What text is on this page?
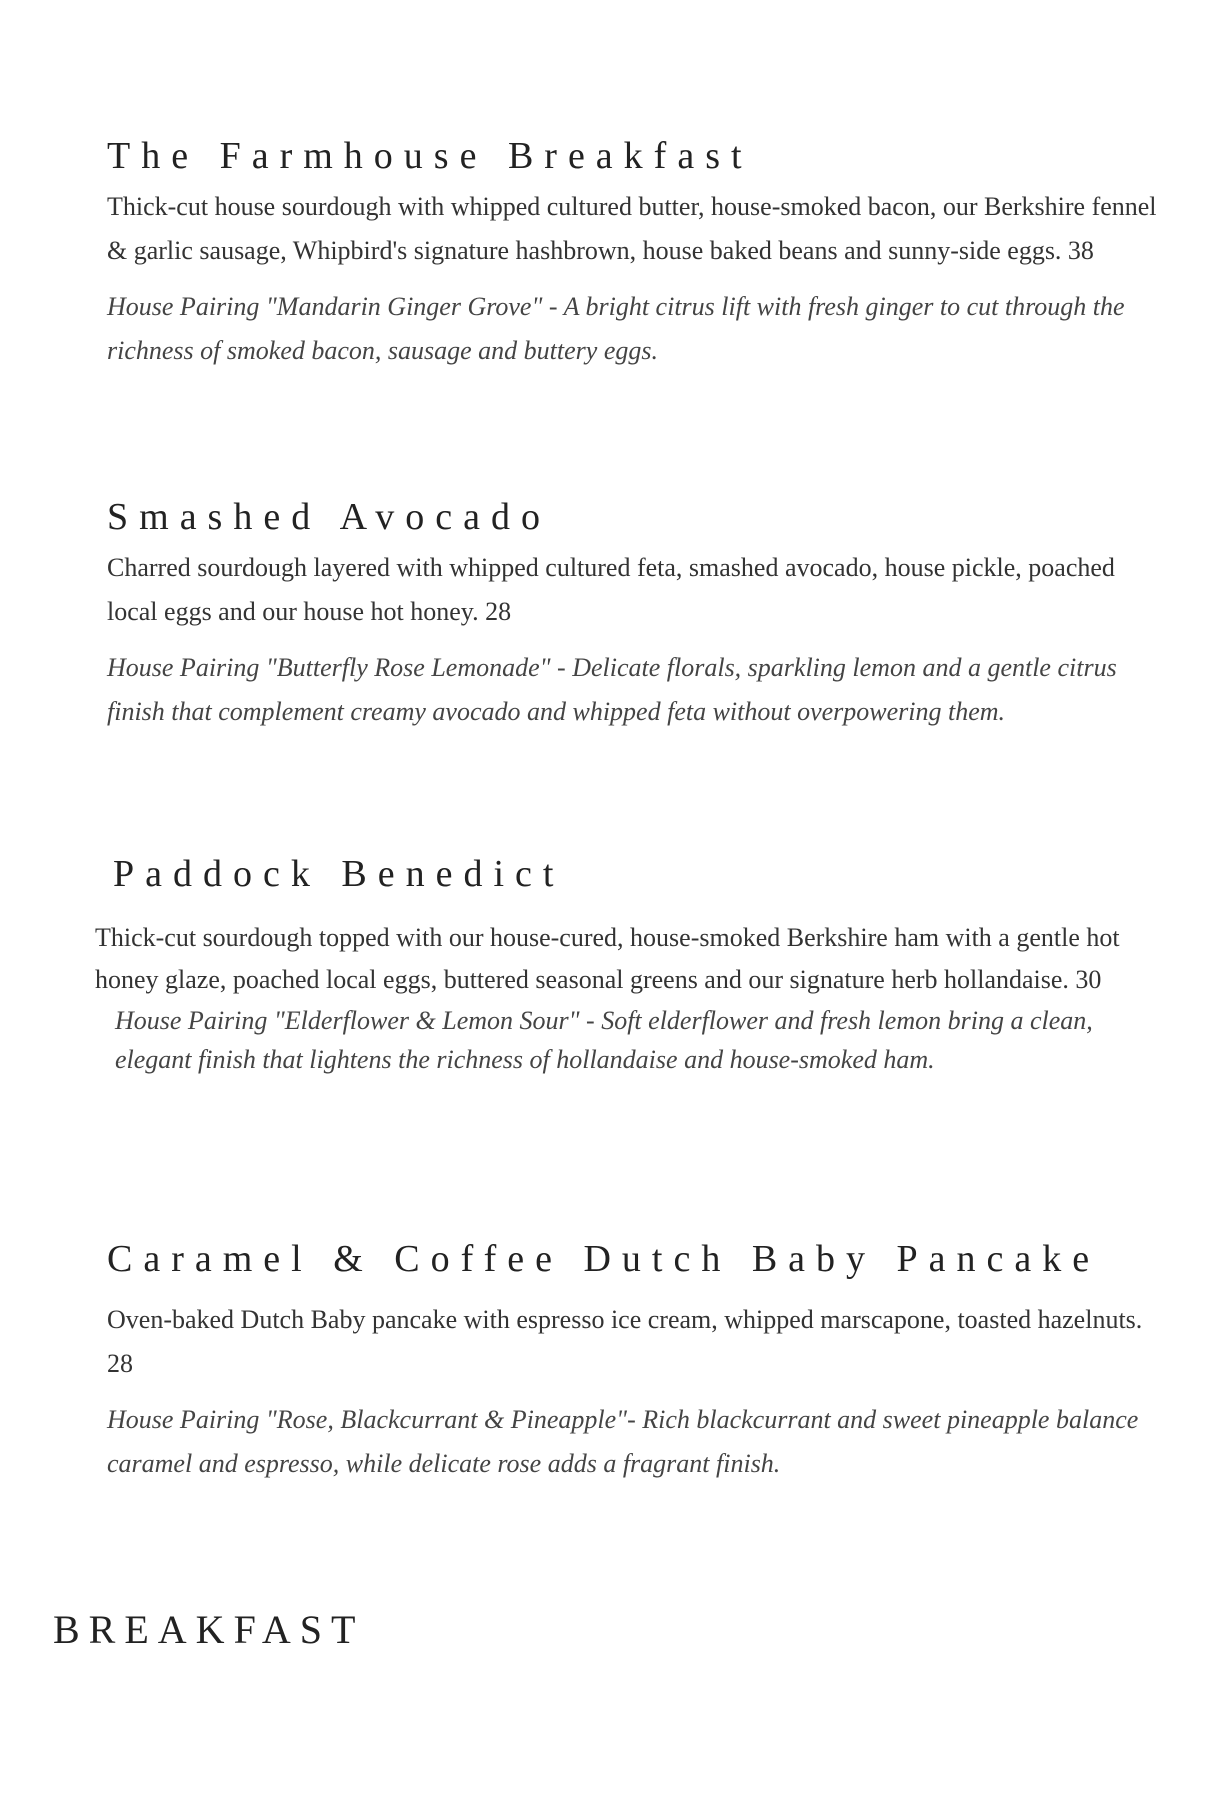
The Farmhouse Breakfast

Thick-cut house sourdough with whipped cultured butter, house-smoked bacon, our Berkshire fennel & garlic sausage, Whipbird's signature hashbrown, house baked beans and sunny-side eggs. 38

House Pairing "Mandarin Ginger Grove" - A bright citrus lift with fresh ginger to cut through the richness of smoked bacon, sausage and buttery eggs.

Smashed Avocado

Charred sourdough layered with whipped cultured feta, smashed avocado, house pickle, poached local eggs and our house hot honey. 28

House Pairing "Butterfly Rose Lemonade" - Delicate florals, sparkling lemon and a gentle citrus finish that complement creamy avocado and whipped feta without overpowering them.

Paddock Benedict

Thick-cut sourdough topped with our house-cured, house-smoked Berkshire ham with a gentle hot honey glaze, poached local eggs, buttered seasonal greens and our signature herb hollandaise. 30

House Pairing "Elderflower & Lemon Sour" - Soft elderflower and fresh lemon bring a clean, elegant finish that lightens the richness of hollandaise and house-smoked ham.

Caramel & Coffee Dutch Baby Pancake

Oven-baked Dutch Baby pancake with espresso ice cream, whipped marscapone, toasted hazelnuts. 28

House Pairing "Rose, Blackcurrant & Pineapple"- Rich blackcurrant and sweet pineapple balance caramel and espresso, while delicate rose adds a fragrant finish.

BREAKFAST
